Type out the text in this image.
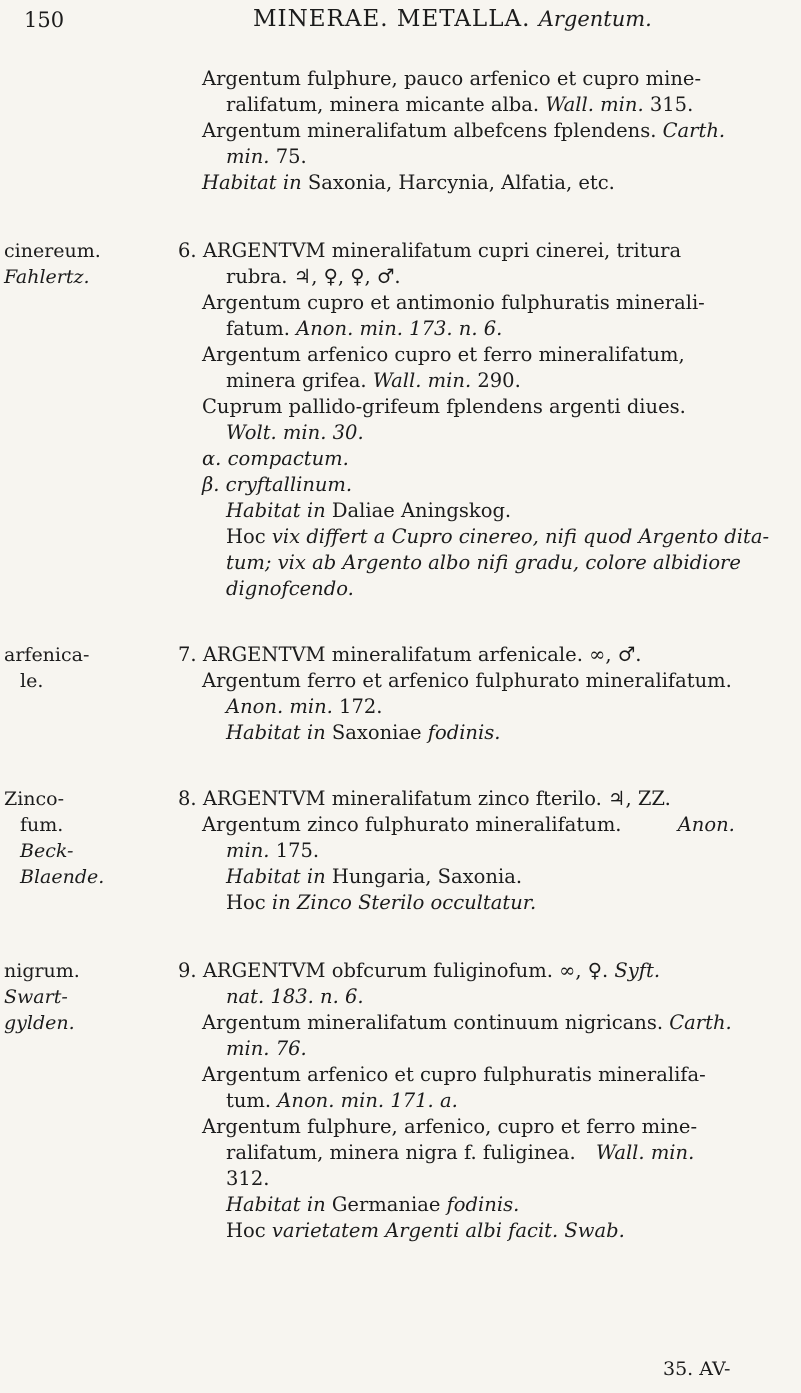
150	MINERAE. METALLA. Argentum.
Argentum fulphure, pauco arfenico et cupro mine-
ralifatum, minera micante alba. Wall. min. 315.
Argentum mineralifatum albefcens fplendens. Carth.
min. 75.
Habitat in Saxonia, Harcynia, Alfatia, etc.
cinereum.
Fahlertz.
6. ARGENTVM mineralifatum cupri cinerei, tritura
rubra. ♃, ♀, ♀, ♂.
Argentum cupro et antimonio fulphuratis minerali-
fatum. Anon. min. 173. n. 6.
Argentum arfenico cupro et ferro mineralifatum,
minera grifea. Wall. min. 290.
Cuprum pallido-grifeum fplendens argenti diues.
Wolt. min. 30.
α. compactum.
β. cryftallinum.
Habitat in Daliae Aningskog.
Hoc vix differt a Cupro cinereo, nifi quod Argento dita-
tum; vix ab Argento albo nifi gradu, colore albidiore
dignofcendo.
arfenica-
le.
7. ARGENTVM mineralifatum arfenicale. ∞, ♂.
Argentum ferro et arfenico fulphurato mineralifatum.
Anon. min. 172.
Habitat in Saxoniae fodinis.
Zinco-
fum.
Beck-
Blaende.
8. ARGENTVM mineralifatum zinco fterilo. ♃, ZZ.
Argentum zinco fulphurato mineralifatum.	Anon.
min. 175.
Habitat in Hungaria, Saxonia.
Hoc in Zinco Sterilo occultatur.
nigrum.
Swart-
gylden.
9. ARGENTVM obfcurum fuliginofum. ∞, ♀. Syft.
nat. 183. n. 6.
Argentum mineralifatum continuum nigricans. Carth.
min. 76.
Argentum arfenico et cupro fulphuratis mineralifa-
tum. Anon. min. 171. a.
Argentum fulphure, arfenico, cupro et ferro mine-
ralifatum, minera nigra f. fuliginea. Wall. min.
312.
Habitat in Germaniae fodinis.
Hoc varietatem Argenti albi facit. Swab.
35. AV-
